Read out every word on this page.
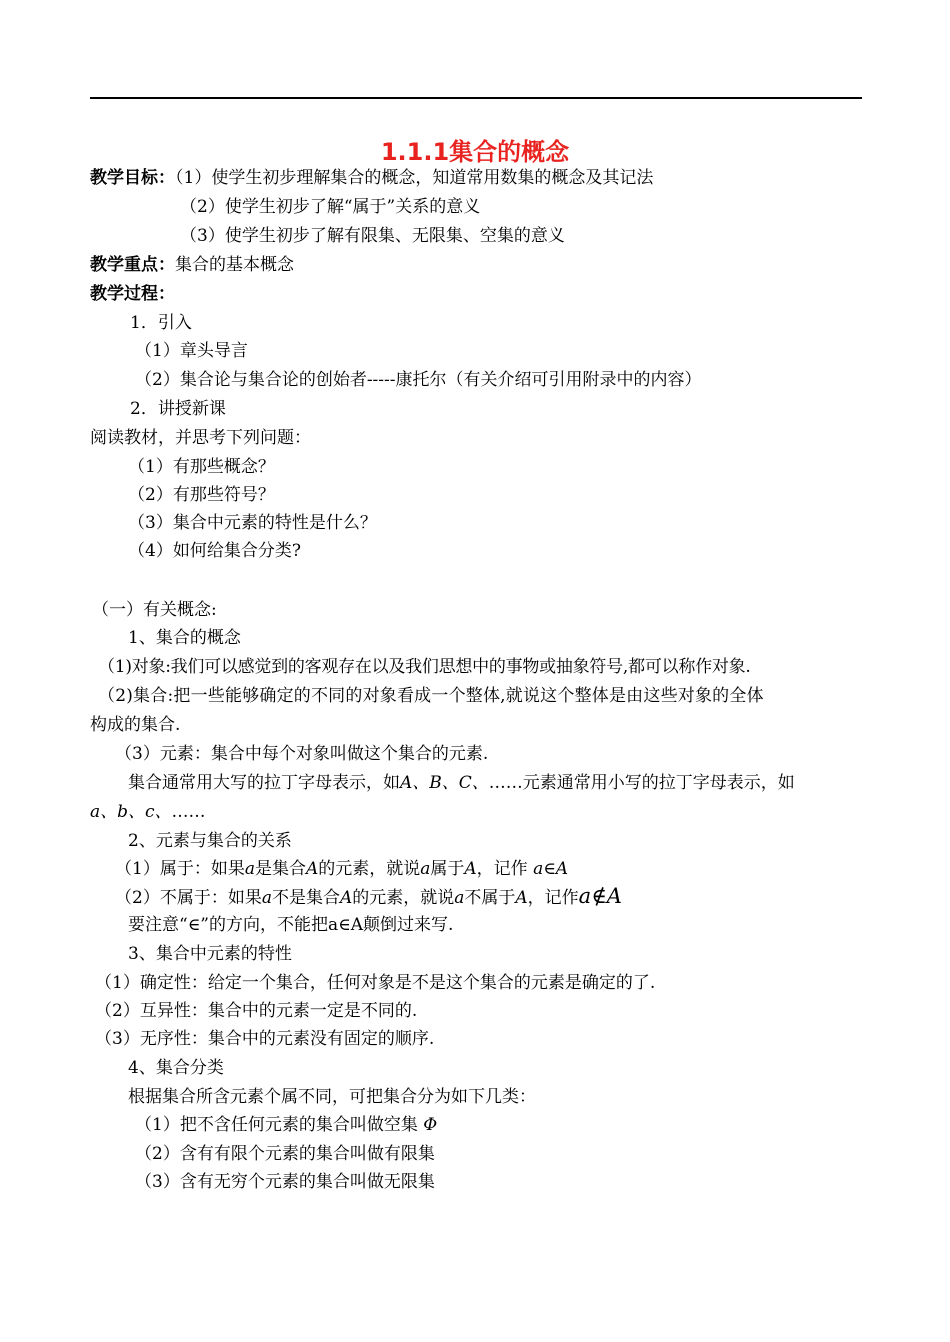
1.1.1集合的概念
教学目标：（1）使学生初步理解集合的概念，知道常用数集的概念及其记法
（2）使学生初步了解“属于”关系的意义
（3）使学生初步了解有限集、无限集、空集的意义
教学重点：集合的基本概念
教学过程：
1．引入
（1）章头导言
（2）集合论与集合论的创始者-----康托尔（有关介绍可引用附录中的内容）
2．讲授新课
阅读教材，并思考下列问题：
（1）有那些概念？
（2）有那些符号？
（3）集合中元素的特性是什么？
（4）如何给集合分类?
（一）有关概念:
1、集合的概念
（1)对象:我们可以感觉到的客观存在以及我们思想中的事物或抽象符号,都可以称作对象.
（2)集合:把一些能够确定的不同的对象看成一个整体,就说这个整体是由这些对象的全体
构成的集合.
（3）元素：集合中每个对象叫做这个集合的元素.
集合通常用大写的拉丁字母表示，如A、B、C、……元素通常用小写的拉丁字母表示，如
a、b、c、……
2、元素与集合的关系
（1）属于：如果a是集合A的元素，就说a属于A，记作 a∈A
（2）不属于：如果a不是集合A的元素，就说a不属于A，记作a∉A
要注意“∈”的方向，不能把a∈A颠倒过来写.
3、集合中元素的特性
（1）确定性：给定一个集合，任何对象是不是这个集合的元素是确定的了.
（2）互异性：集合中的元素一定是不同的.
（3）无序性：集合中的元素没有固定的顺序.
4、集合分类
根据集合所含元素个属不同，可把集合分为如下几类：
（1）把不含任何元素的集合叫做空集 Φ
（2）含有有限个元素的集合叫做有限集
（3）含有无穷个元素的集合叫做无限集
